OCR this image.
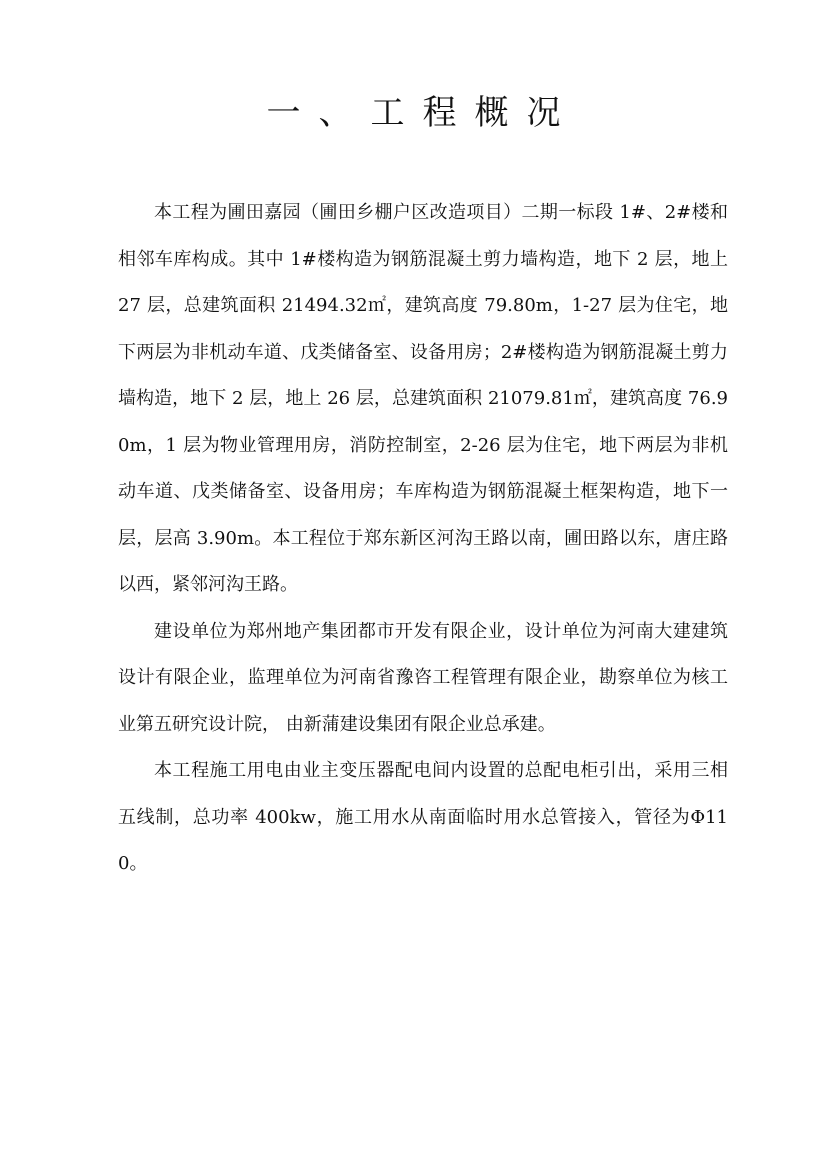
一、工程概况

本工程为圃田嘉园（圃田乡棚户区改造项目）二期一标段 1#、2#楼和相邻车库构成。其中 1#楼构造为钢筋混凝土剪力墙构造，地下 2 层，地上 27 层，总建筑面积 21494.32㎡，建筑高度 79.80m，1-27 层为住宅，地下两层为非机动车道、戊类储备室、设备用房；2#楼构造为钢筋混凝土剪力墙构造，地下 2 层，地上 26 层，总建筑面积 21079.81㎡，建筑高度 76.90m，1 层为物业管理用房，消防控制室，2-26 层为住宅，地下两层为非机动车道、戊类储备室、设备用房；车库构造为钢筋混凝土框架构造，地下一层，层高 3.90m。本工程位于郑东新区河沟王路以南，圃田路以东，唐庄路以西，紧邻河沟王路。

建设单位为郑州地产集团都市开发有限企业，设计单位为河南大建建筑设计有限企业，监理单位为河南省豫咨工程管理有限企业，勘察单位为核工业第五研究设计院， 由新蒲建设集团有限企业总承建。

本工程施工用电由业主变压器配电间内设置的总配电柜引出，采用三相五线制，总功率 400kw，施工用水从南面临时用水总管接入，管径为Φ110。
